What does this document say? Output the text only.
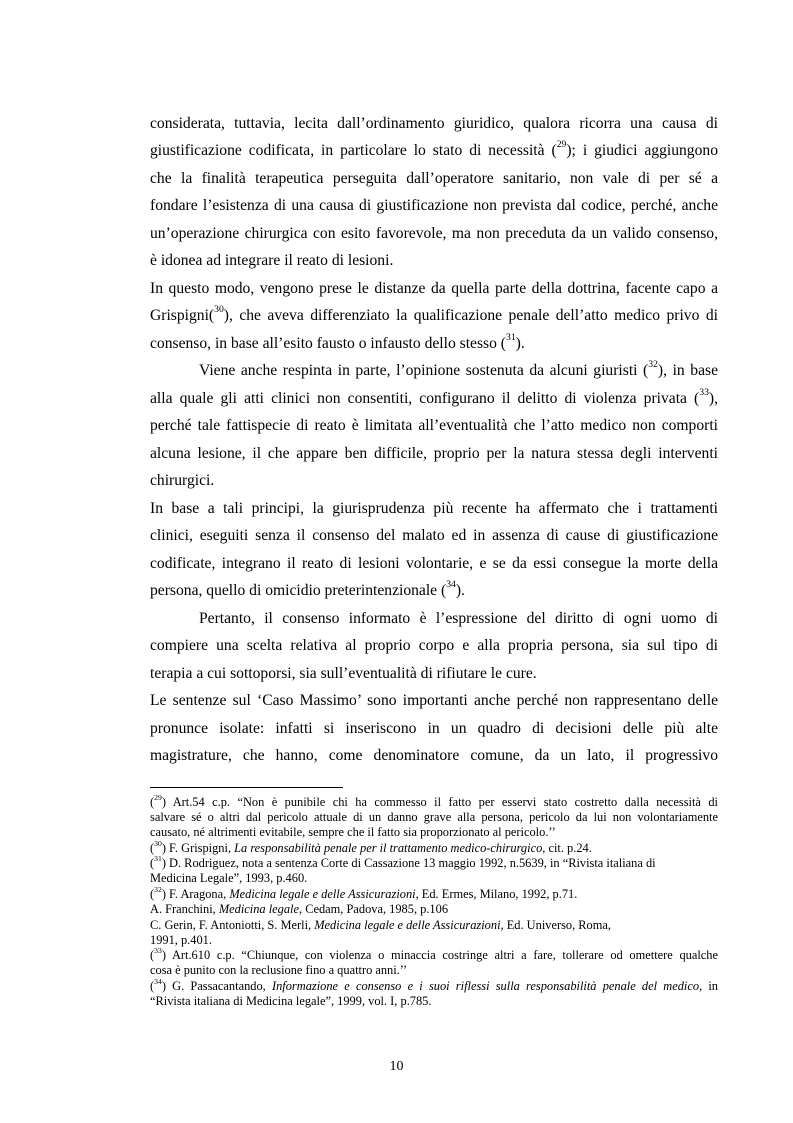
considerata, tuttavia, lecita dall’ordinamento giuridico, qualora ricorra una causa di
giustificazione codificata, in particolare lo stato di necessità ($^{29}$); i giudici aggiungono
che la finalità terapeutica perseguita dall’operatore sanitario, non vale di per sé a
fondare l’esistenza di una causa di giustificazione non prevista dal codice, perché, anche
un’operazione chirurgica con esito favorevole, ma non preceduta da un valido consenso,
è idonea ad integrare il reato di lesioni.
In questo modo, vengono prese le distanze da quella parte della dottrina, facente capo a
Grispigni($^{30}$), che aveva differenziato la qualificazione penale dell’atto medico privo di
consenso, in base all’esito fausto o infausto dello stesso ($^{31}$).
Viene anche respinta in parte, l’opinione sostenuta da alcuni giuristi ($^{32}$), in base
alla quale gli atti clinici non consentiti, configurano il delitto di violenza privata ($^{33}$),
perché tale fattispecie di reato è limitata all’eventualità che l’atto medico non comporti
alcuna lesione, il che appare ben difficile, proprio per la natura stessa degli interventi
chirurgici.
In base a tali principi, la giurisprudenza più recente ha affermato che i trattamenti
clinici, eseguiti senza il consenso del malato ed in assenza di cause di giustificazione
codificate, integrano il reato di lesioni volontarie, e se da essi consegue la morte della
persona, quello di omicidio preterintenzionale ($^{34}$).
Pertanto, il consenso informato è l’espressione del diritto di ogni uomo di
compiere una scelta relativa al proprio corpo e alla propria persona, sia sul tipo di
terapia a cui sottoporsi, sia sull’eventualità di rifiutare le cure.
Le sentenze sul ‘Caso Massimo’ sono importanti anche perché non rappresentano delle
pronunce isolate: infatti si inseriscono in un quadro di decisioni delle più alte
magistrature, che hanno, come denominatore comune, da un lato, il progressivo
($^{29}$) Art.54 c.p. “Non è punibile chi ha commesso il fatto per esservi stato costretto dalla necessità di
salvare sé o altri dal pericolo attuale di un danno grave alla persona, pericolo da lui non volontariamente
causato, né altrimenti evitabile, sempre che il fatto sia proporzionato al pericolo.’’
($^{30}$) F. Grispigni, La responsabilità penale per il trattamento medico-chirurgico, cit. p.24.
($^{31}$) D. Rodriguez, nota a sentenza Corte di Cassazione 13 maggio 1992, n.5639, in “Rivista italiana di
Medicina Legale”, 1993, p.460.
($^{32}$) F. Aragona, Medicina legale e delle Assicurazioni, Ed. Ermes, Milano, 1992, p.71.
A. Franchini, Medicina legale, Cedam, Padova, 1985, p.106
C. Gerin, F. Antoniotti, S. Merli, Medicina legale e delle Assicurazioni, Ed. Universo, Roma,
1991, p.401.
($^{33}$) Art.610 c.p. “Chiunque, con violenza o minaccia costringe altri a fare, tollerare od omettere qualche
cosa è punito con la reclusione fino a quattro anni.’’
($^{34}$) G. Passacantando, Informazione e consenso e i suoi riflessi sulla responsabilità penale del medico, in
“Rivista italiana di Medicina legale”, 1999, vol. I, p.785.
10
